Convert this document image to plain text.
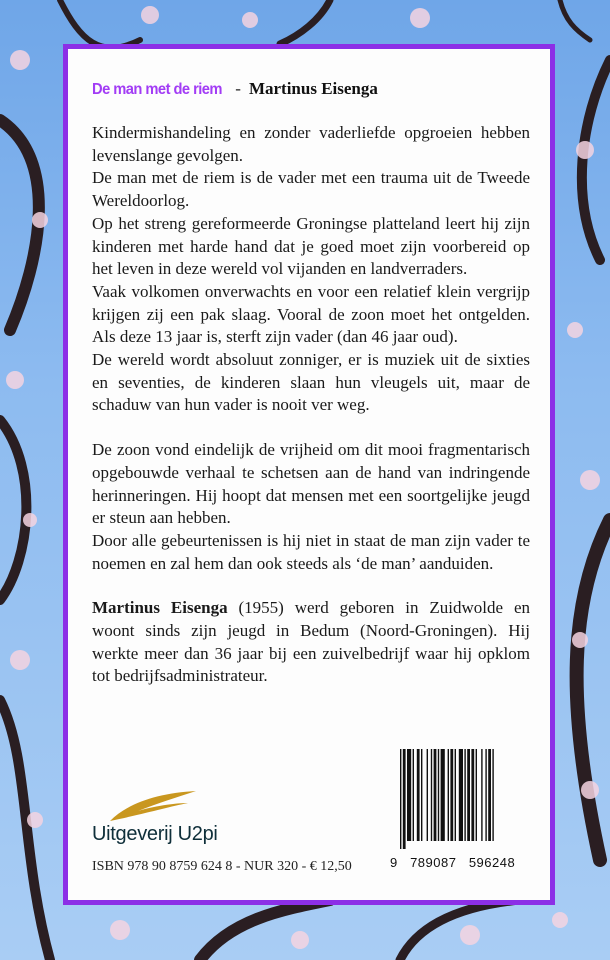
De man met de riem - Martinus Eisenga

Kindermishandeling en zonder vaderliefde opgroeien hebben levenslange gevolgen.

De man met de riem is de vader met een trauma uit de Tweede Wereldoorlog.

Op het streng gereformeerde Groningse platteland leert hij zijn kinderen met harde hand dat je goed moet zijn voorbereid op het leven in deze wereld vol vijanden en landverraders.

Vaak volkomen onverwachts en voor een relatief klein vergrijp krijgen zij een pak slaag. Vooral de zoon moet het ontgelden. Als deze 13 jaar is, sterft zijn vader (dan 46 jaar oud).

De wereld wordt absoluut zonniger, er is muziek uit de sixties en seventies, de kinderen slaan hun vleugels uit, maar de schaduw van hun vader is nooit ver weg.

De zoon vond eindelijk de vrijheid om dit mooi fragmentarisch opgebouwde verhaal te schetsen aan de hand van indringende herinneringen. Hij hoopt dat mensen met een soortgelijke jeugd er steun aan hebben.

Door alle gebeurtenissen is hij niet in staat de man zijn vader te noemen en zal hem dan ook steeds als ‘de man’ aanduiden.

Martinus Eisenga (1955) werd geboren in Zuidwolde en woont sinds zijn jeugd in Bedum (Noord-Groningen). Hij werkte meer dan 36 jaar bij een zuivelbedrijf waar hij opklom tot bedrijfsadministrateur.

Uitgeverij U2pi
ISBN 978 90 8759 624 8 - NUR 320 - € 12,50	9 789087 596248
